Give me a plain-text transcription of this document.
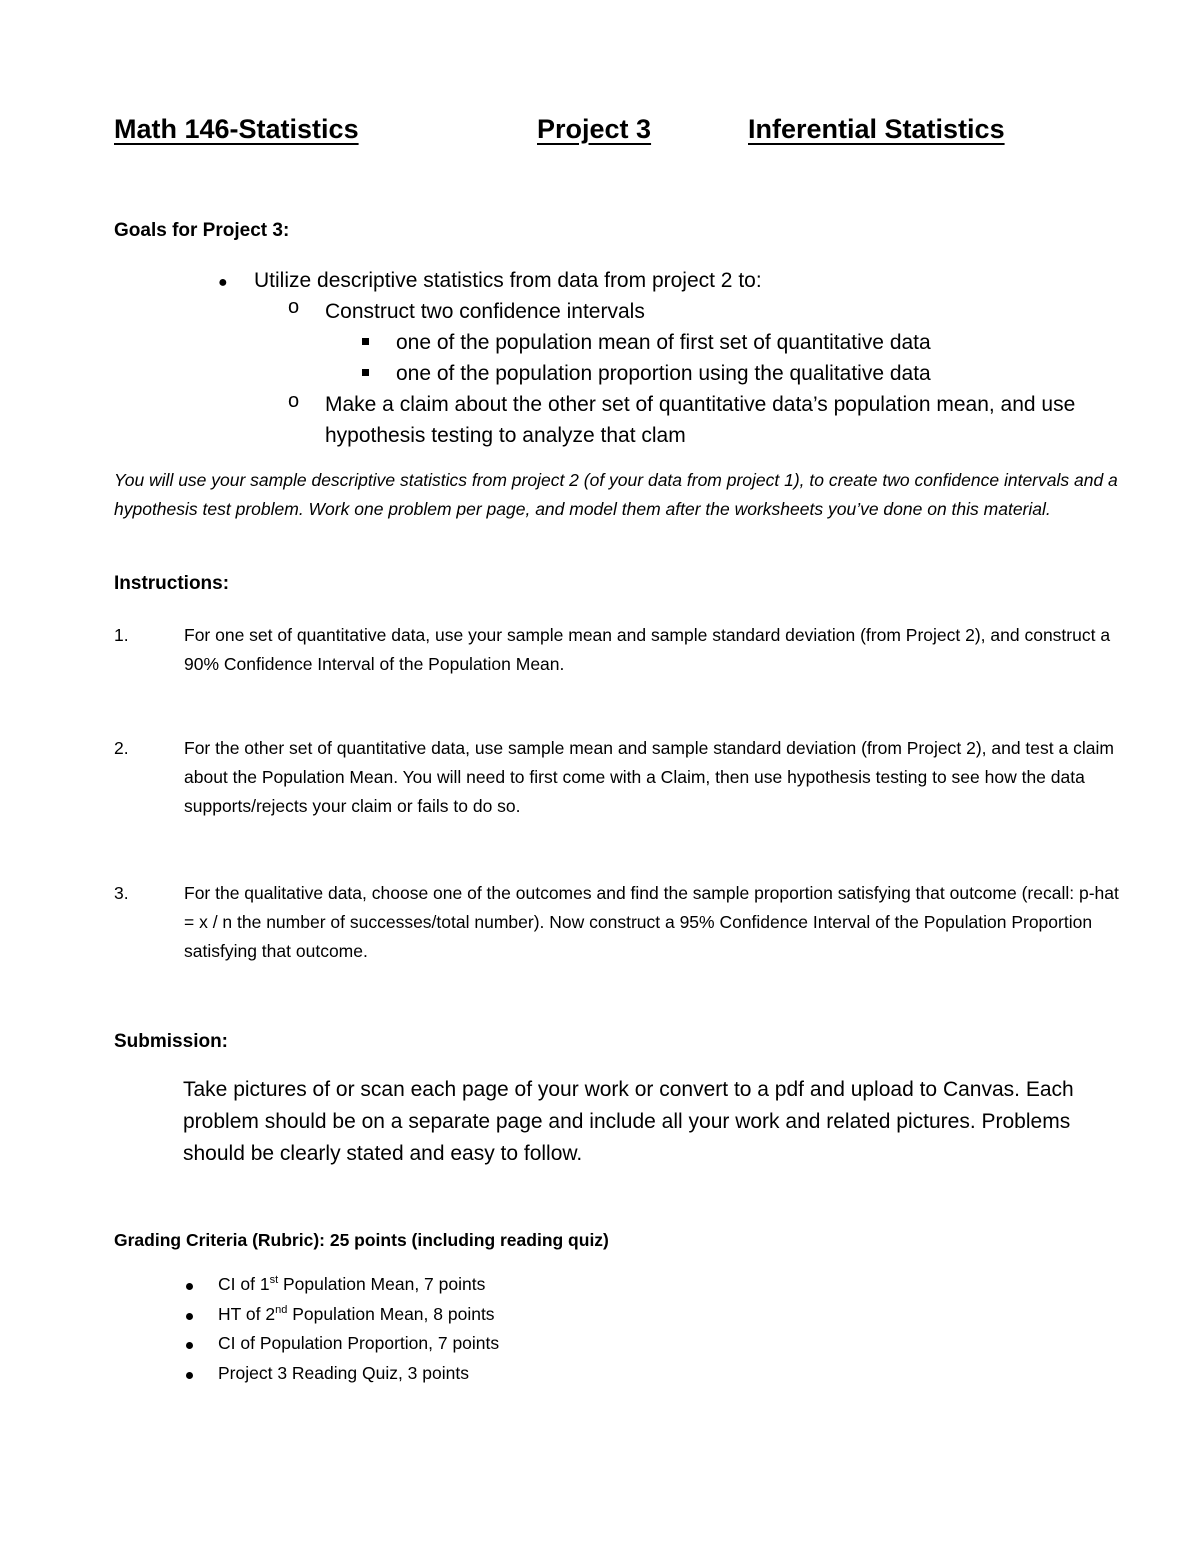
Math 146-Statistics	Project 3	Inferential Statistics
Goals for Project 3:
● Utilize descriptive statistics from data from project 2 to:
o Construct two confidence intervals
one of the population mean of first set of quantitative data
one of the population proportion using the qualitative data
o Make a claim about the other set of quantitative data’s population mean, and use
hypothesis testing to analyze that clam
You will use your sample descriptive statistics from project 2 (of your data from project 1), to create two confidence intervals and a hypothesis test problem. Work one problem per page, and model them after the worksheets you’ve done on this material.
Instructions:
1.	For one set of quantitative data, use your sample mean and sample standard deviation (from Project 2), and construct a 90% Confidence Interval of the Population Mean.
2.	For the other set of quantitative data, use sample mean and sample standard deviation (from Project 2), and test a claim about the Population Mean. You will need to first come with a Claim, then use hypothesis testing to see how the data supports/rejects your claim or fails to do so.
3.	For the qualitative data, choose one of the outcomes and find the sample proportion satisfying that outcome (recall: p-hat = x / n the number of successes/total number). Now construct a 95% Confidence Interval of the Population Proportion satisfying that outcome.
Submission:
Take pictures of or scan each page of your work or convert to a pdf and upload to Canvas. Each problem should be on a separate page and include all your work and related pictures. Problems should be clearly stated and easy to follow.
Grading Criteria (Rubric): 25 points (including reading quiz)
CI of 1st Population Mean, 7 points
HT of 2nd Population Mean, 8 points
CI of Population Proportion, 7 points
Project 3 Reading Quiz, 3 points
